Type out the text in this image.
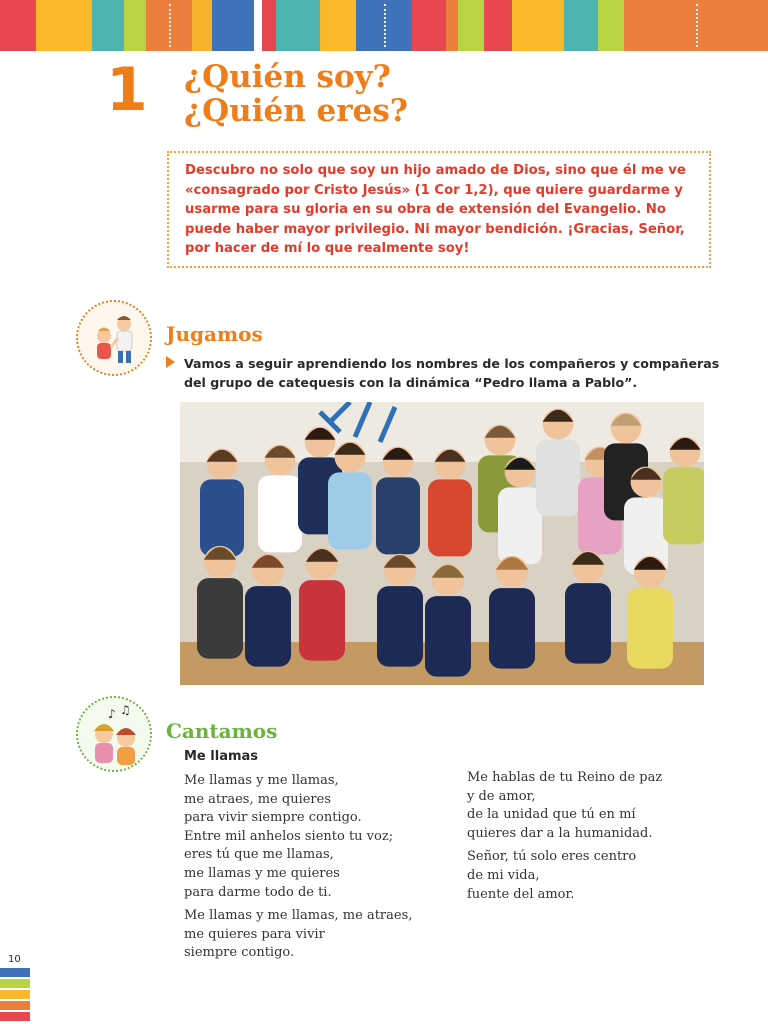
1 ¿Quién soy?
¿Quién eres?

Descubro no solo que soy un hijo amado de Dios, sino que él me ve «consagrado por Cristo Jesús» (1 Cor 1,2), que quiere guardarme y usarme para su gloria en su obra de extensión del Evangelio. No puede haber mayor privilegio. Ni mayor bendición. ¡Gracias, Señor, por hacer de mí lo que realmente soy!

Jugamos

Vamos a seguir aprendiendo los nombres de los compañeros y compañeras del grupo de catequesis con la dinámica “Pedro llama a Pablo”.

♪ ♫
Cantamos
Me llamas
Me llamas y me llamas,
me atraes, me quieres
para vivir siempre contigo.
Entre mil anhelos siento tu voz;
eres tú que me llamas,
me llamas y me quieres
para darme todo de ti.
Me llamas y me llamas, me atraes,
me quieres para vivir
siempre contigo.
Me hablas de tu Reino de paz
y de amor,
de la unidad que tú en mí
quieres dar a la humanidad.
Señor, tú solo eres centro
de mi vida,
fuente del amor.
10
